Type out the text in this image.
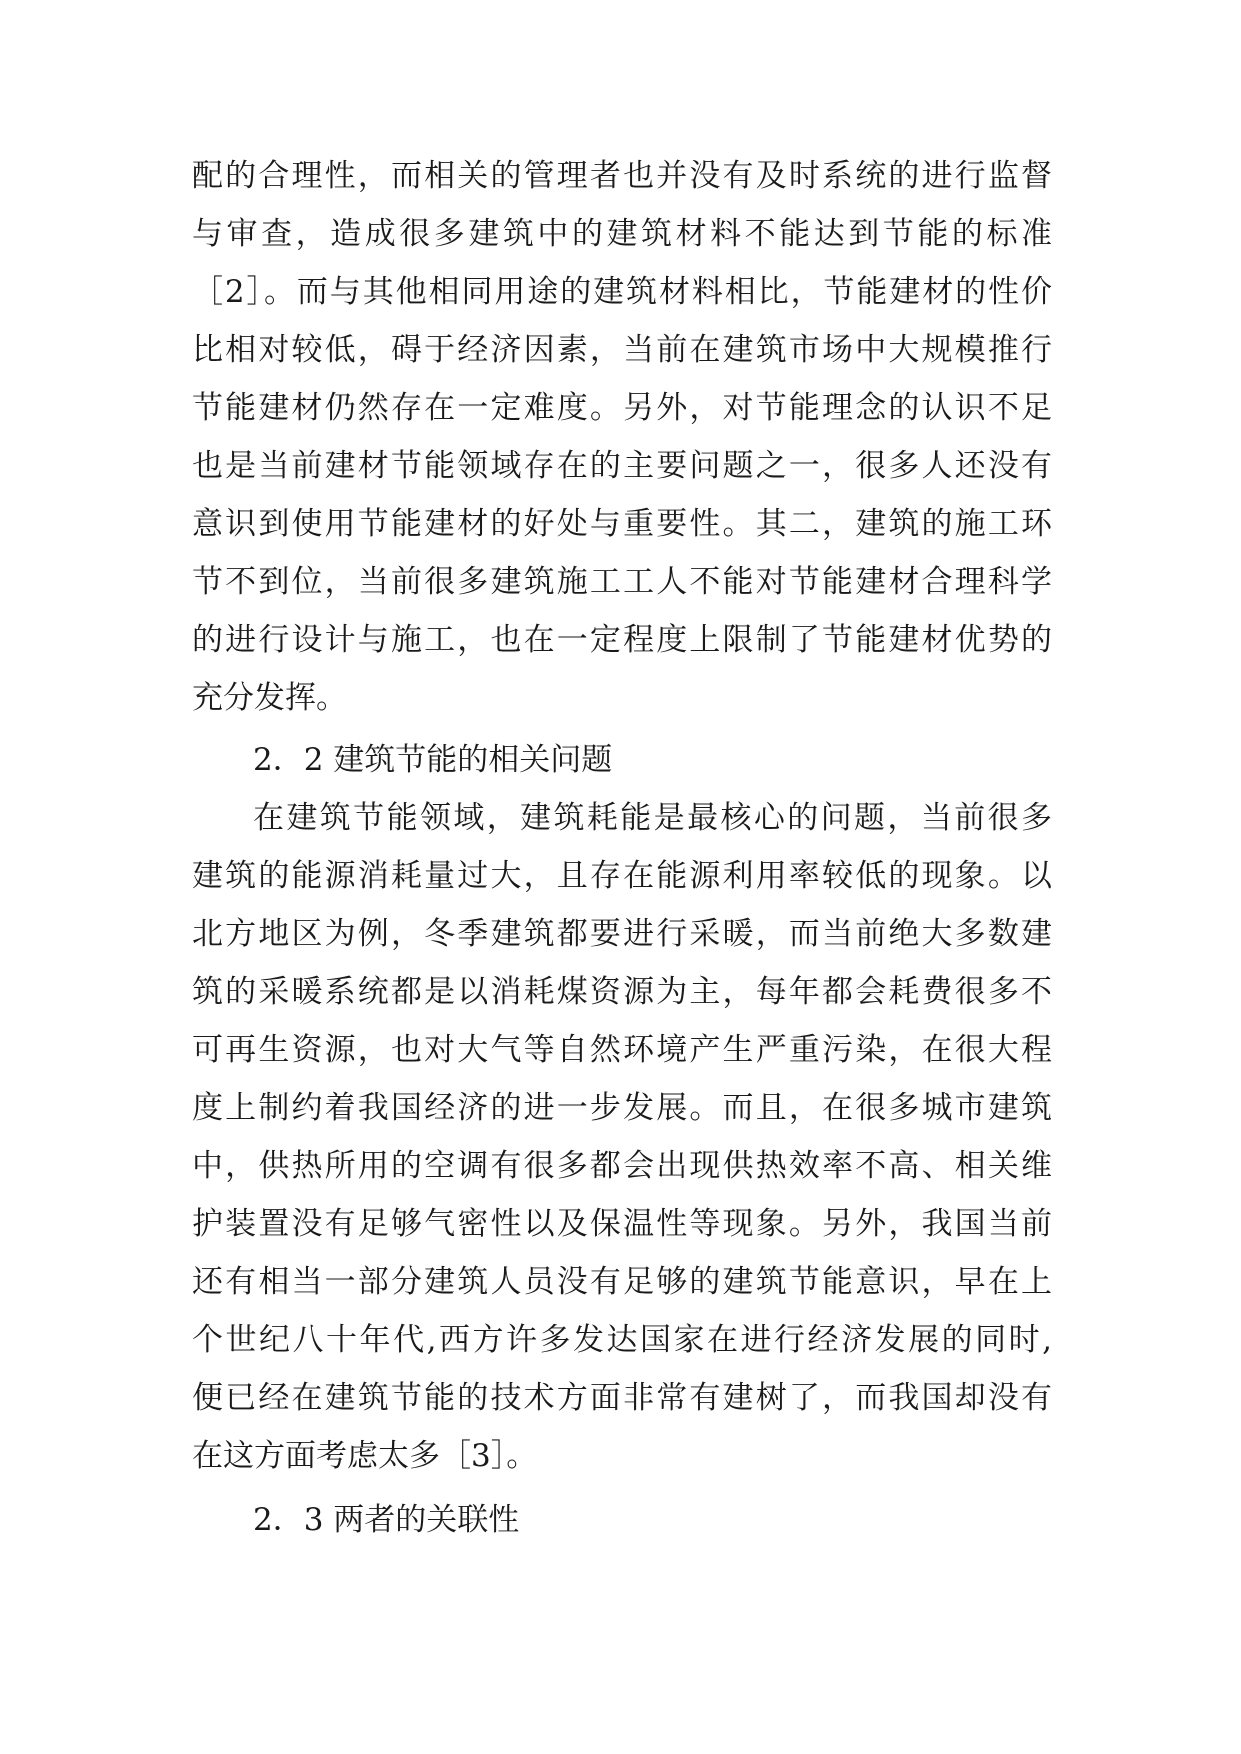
配的合理性，而相关的管理者也并没有及时系统的进行监督
与审查，造成很多建筑中的建筑材料不能达到节能的标准
［2］。而与其他相同用途的建筑材料相比，节能建材的性价
比相对较低，碍于经济因素，当前在建筑市场中大规模推行
节能建材仍然存在一定难度。另外，对节能理念的认识不足
也是当前建材节能领域存在的主要问题之一，很多人还没有
意识到使用节能建材的好处与重要性。其二，建筑的施工环
节不到位，当前很多建筑施工工人不能对节能建材合理科学
的进行设计与施工，也在一定程度上限制了节能建材优势的
充分发挥。
2．2 建筑节能的相关问题
在建筑节能领域，建筑耗能是最核心的问题，当前很多
建筑的能源消耗量过大，且存在能源利用率较低的现象。以
北方地区为例，冬季建筑都要进行采暖，而当前绝大多数建
筑的采暖系统都是以消耗煤资源为主，每年都会耗费很多不
可再生资源，也对大气等自然环境产生严重污染，在很大程
度上制约着我国经济的进一步发展。而且，在很多城市建筑
中，供热所用的空调有很多都会出现供热效率不高、相关维
护装置没有足够气密性以及保温性等现象。另外，我国当前
还有相当一部分建筑人员没有足够的建筑节能意识，早在上
个世纪八十年代,西方许多发达国家在进行经济发展的同时,
便已经在建筑节能的技术方面非常有建树了，而我国却没有
在这方面考虑太多［3］。
2．3 两者的关联性
